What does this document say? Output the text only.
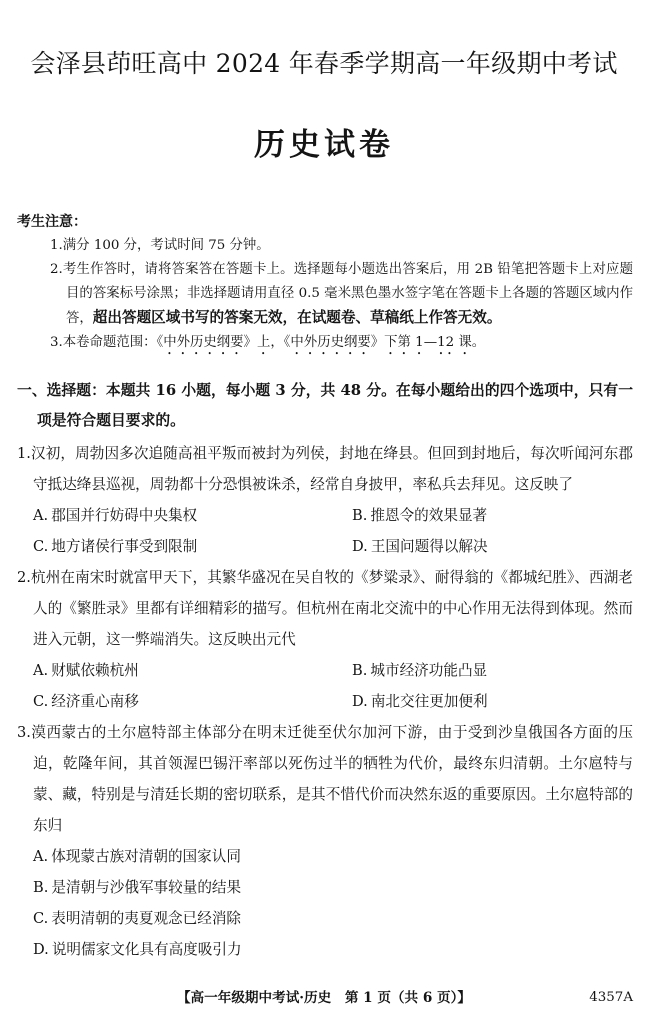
会泽县茚旺高中 2024 年春季学期高一年级期中考试
历史试卷

考生注意：

1.满分 100 分，考试时间 75 分钟。

2.考生作答时，请将答案答在答题卡上。选择题每小题选出答案后，用 2B 铅笔把答题卡上对应题目的答案标号涂黑；非选择题请用直径 0.5 毫米黑色墨水签字笔在答题卡上各题的答题区域内作答，超出答题区域书写的答案无效，在试题卷、草稿纸上作答无效。

3.本卷命题范围：《中外历史纲要》上，《中外历史纲要》下第 1—12 课。

一、选择题：本题共 16 小题，每小题 3 分，共 48 分。在每小题给出的四个选项中，只有一项是符合题目要求的。

1.汉初，周勃因多次追随高祖平叛而被封为列侯，封地在绛县。但回到封地后，每次听闻河东郡守抵达绛县巡视，周勃都十分恐惧被诛杀，经常自身披甲，率私兵去拜见。这反映了

A. 郡国并行妨碍中央集权	B. 推恩令的效果显著
C. 地方诸侯行事受到限制	D. 王国问题得以解决

2.杭州在南宋时就富甲天下，其繁华盛况在吴自牧的《梦粱录》、耐得翁的《都城纪胜》、西湖老人的《繁胜录》里都有详细精彩的描写。但杭州在南北交流中的中心作用无法得到体现。然而进入元朝，这一弊端消失。这反映出元代

A. 财赋依赖杭州	B. 城市经济功能凸显
C. 经济重心南移	D. 南北交往更加便利

3.漠西蒙古的土尔扈特部主体部分在明末迁徙至伏尔加河下游，由于受到沙皇俄国各方面的压迫，乾隆年间，其首领渥巴锡汗率部以死伤过半的牺牲为代价，最终东归清朝。土尔扈特与蒙、藏，特别是与清廷长期的密切联系，是其不惜代价而决然东返的重要原因。土尔扈特部的东归

A. 体现蒙古族对清朝的国家认同
B. 是清朝与沙俄军事较量的结果
C. 表明清朝的夷夏观念已经消除
D. 说明儒家文化具有高度吸引力
【高一年级期中考试·历史　第 1 页（共 6 页）】	4357A
